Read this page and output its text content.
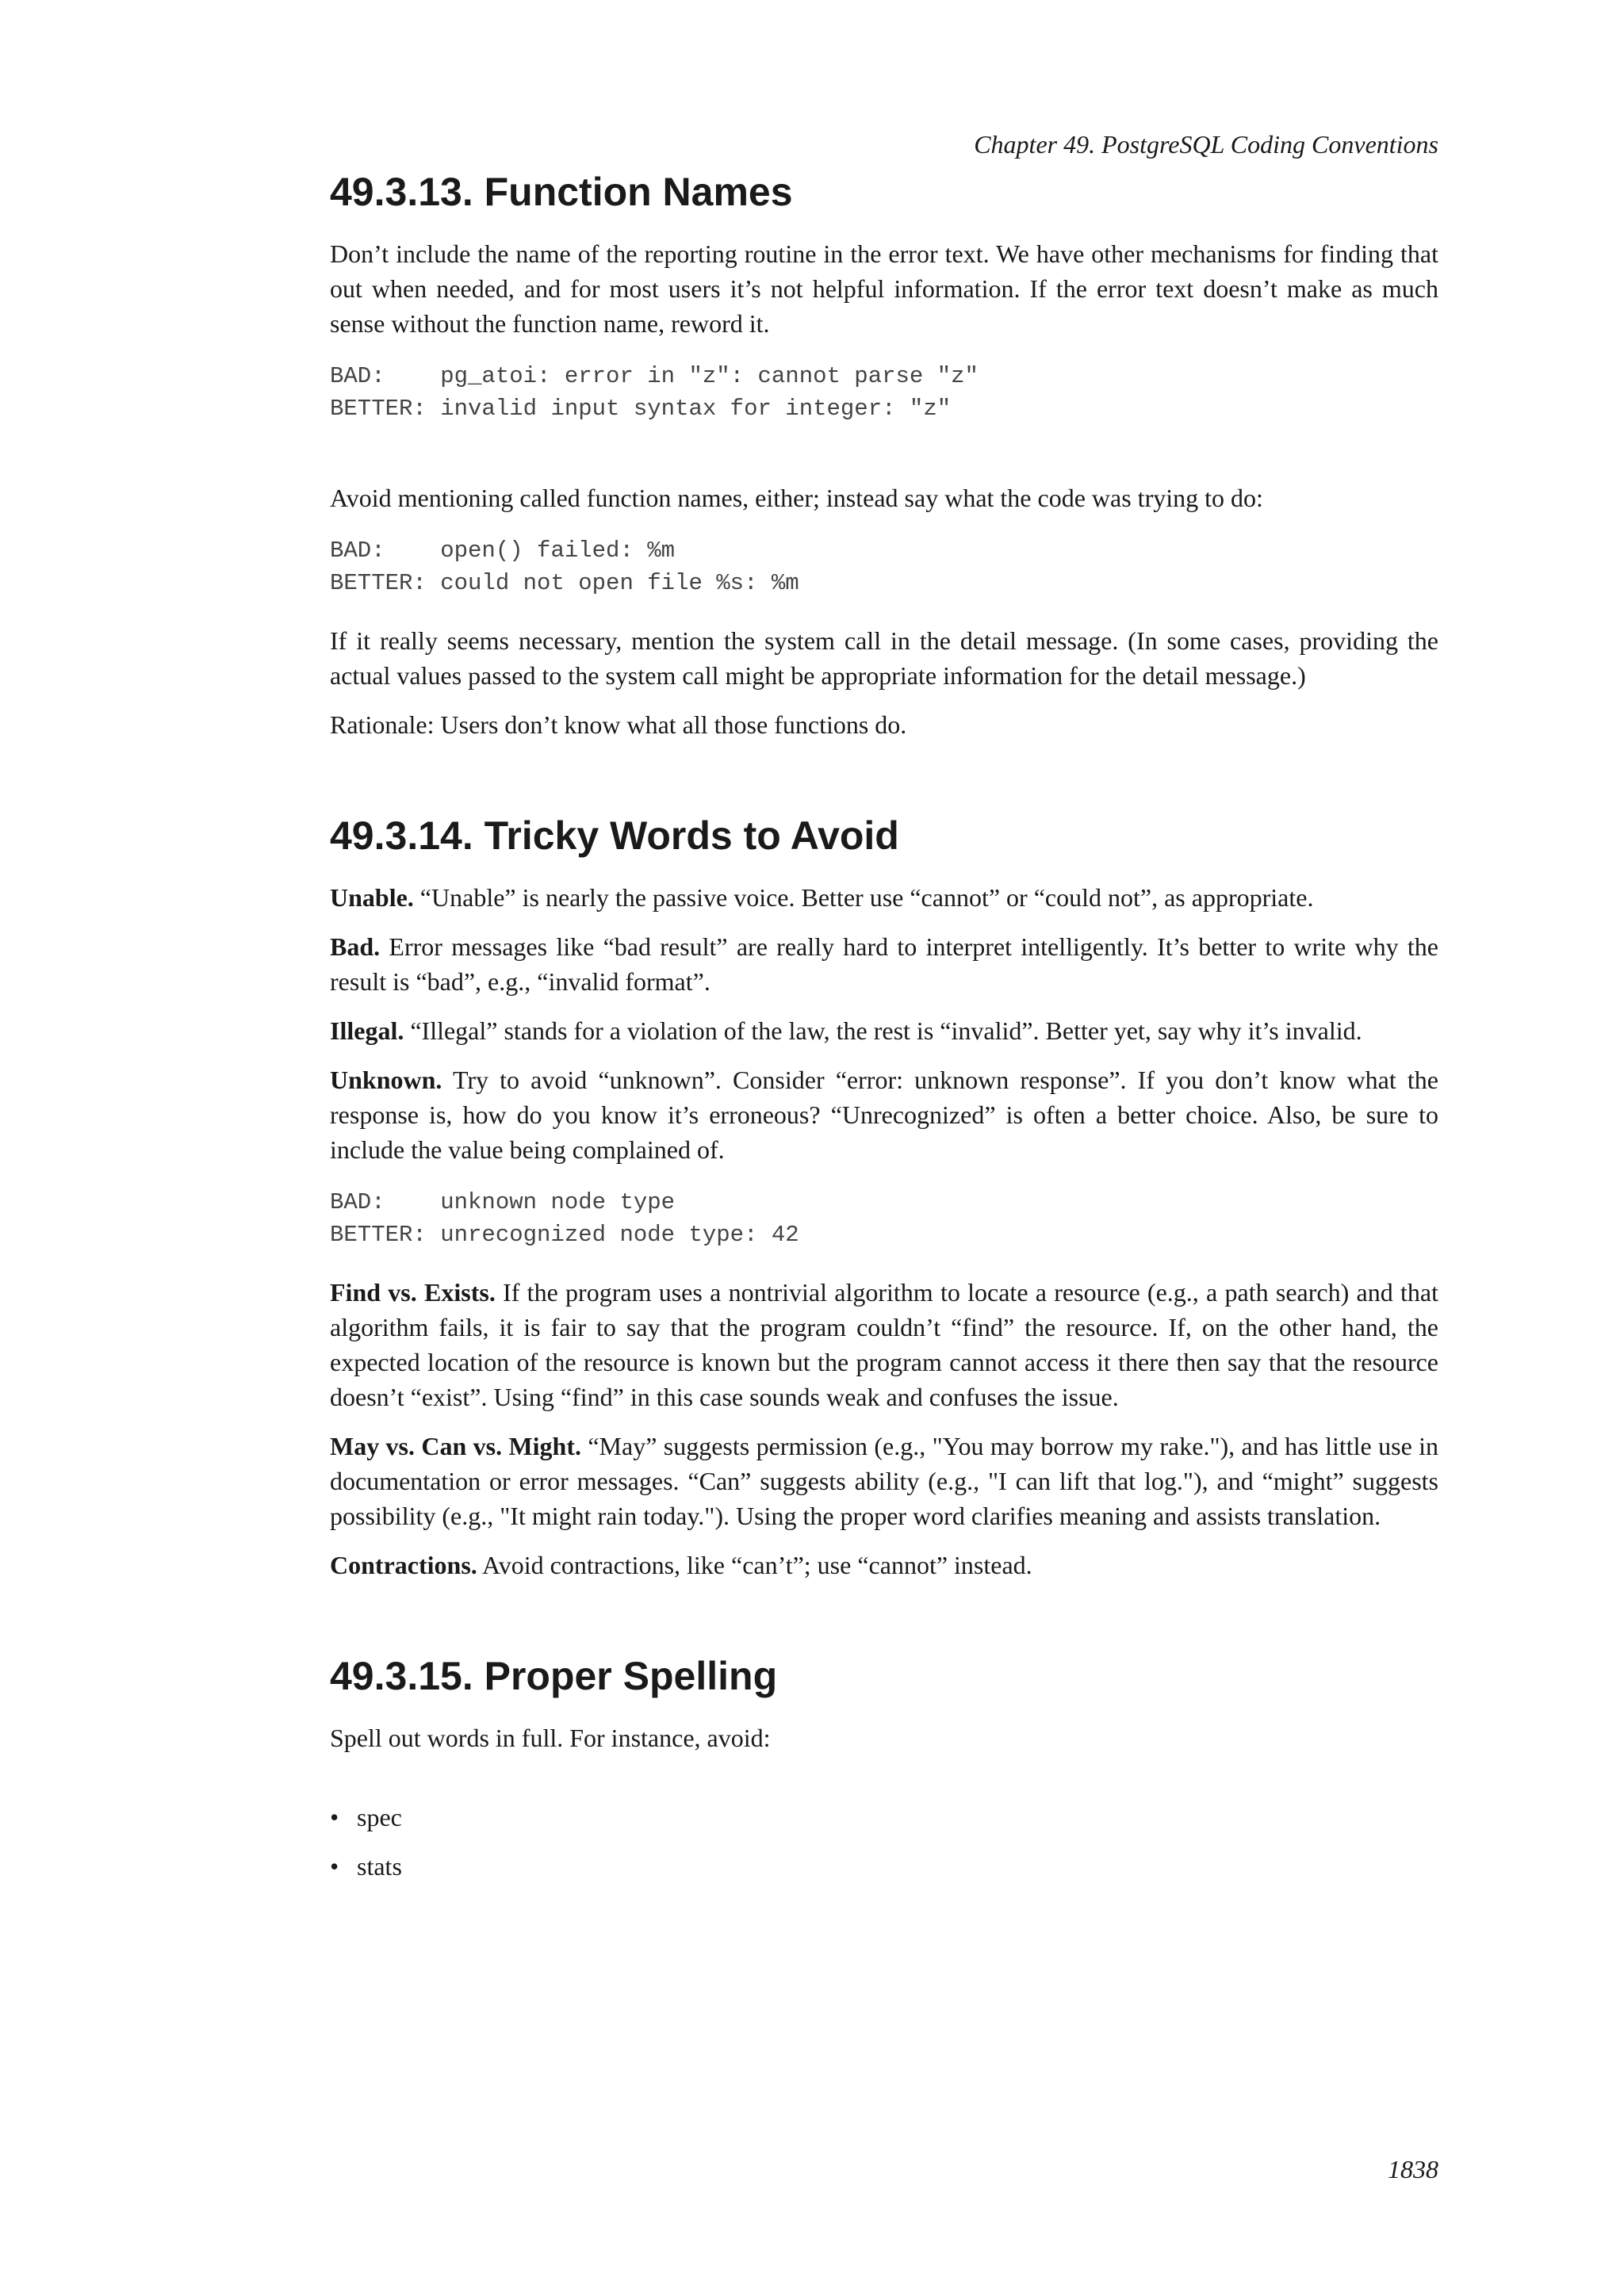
Chapter 49. PostgreSQL Coding Conventions
49.3.13. Function Names

Don’t include the name of the reporting routine in the error text. We have other mechanisms for finding that out when needed, and for most users it’s not helpful information. If the error text doesn’t make as much sense without the function name, reword it.

BAD:    pg_atoi: error in "z": cannot parse "z"
BETTER: invalid input syntax for integer: "z"

Avoid mentioning called function names, either; instead say what the code was trying to do:

BAD:    open() failed: %m
BETTER: could not open file %s: %m

If it really seems necessary, mention the system call in the detail message. (In some cases, providing the actual values passed to the system call might be appropriate information for the detail message.)

Rationale: Users don’t know what all those functions do.

49.3.14. Tricky Words to Avoid

Unable. “Unable” is nearly the passive voice. Better use “cannot” or “could not”, as appropriate.

Bad. Error messages like “bad result” are really hard to interpret intelligently. It’s better to write why the result is “bad”, e.g., “invalid format”.

Illegal. “Illegal” stands for a violation of the law, the rest is “invalid”. Better yet, say why it’s invalid.

Unknown. Try to avoid “unknown”. Consider “error: unknown response”. If you don’t know what the response is, how do you know it’s erroneous? “Unrecognized” is often a better choice. Also, be sure to include the value being complained of.

BAD:    unknown node type
BETTER: unrecognized node type: 42

Find vs. Exists. If the program uses a nontrivial algorithm to locate a resource (e.g., a path search) and that algorithm fails, it is fair to say that the program couldn’t “find” the resource. If, on the other hand, the expected location of the resource is known but the program cannot access it there then say that the resource doesn’t “exist”. Using “find” in this case sounds weak and confuses the issue.

May vs. Can vs. Might. “May” suggests permission (e.g., "You may borrow my rake."), and has little use in documentation or error messages. “Can” suggests ability (e.g., "I can lift that log."), and “might” suggests possibility (e.g., "It might rain today."). Using the proper word clarifies meaning and assists translation.

Contractions. Avoid contractions, like “can’t”; use “cannot” instead.

49.3.15. Proper Spelling

Spell out words in full. For instance, avoid:

• spec
• stats
1838
